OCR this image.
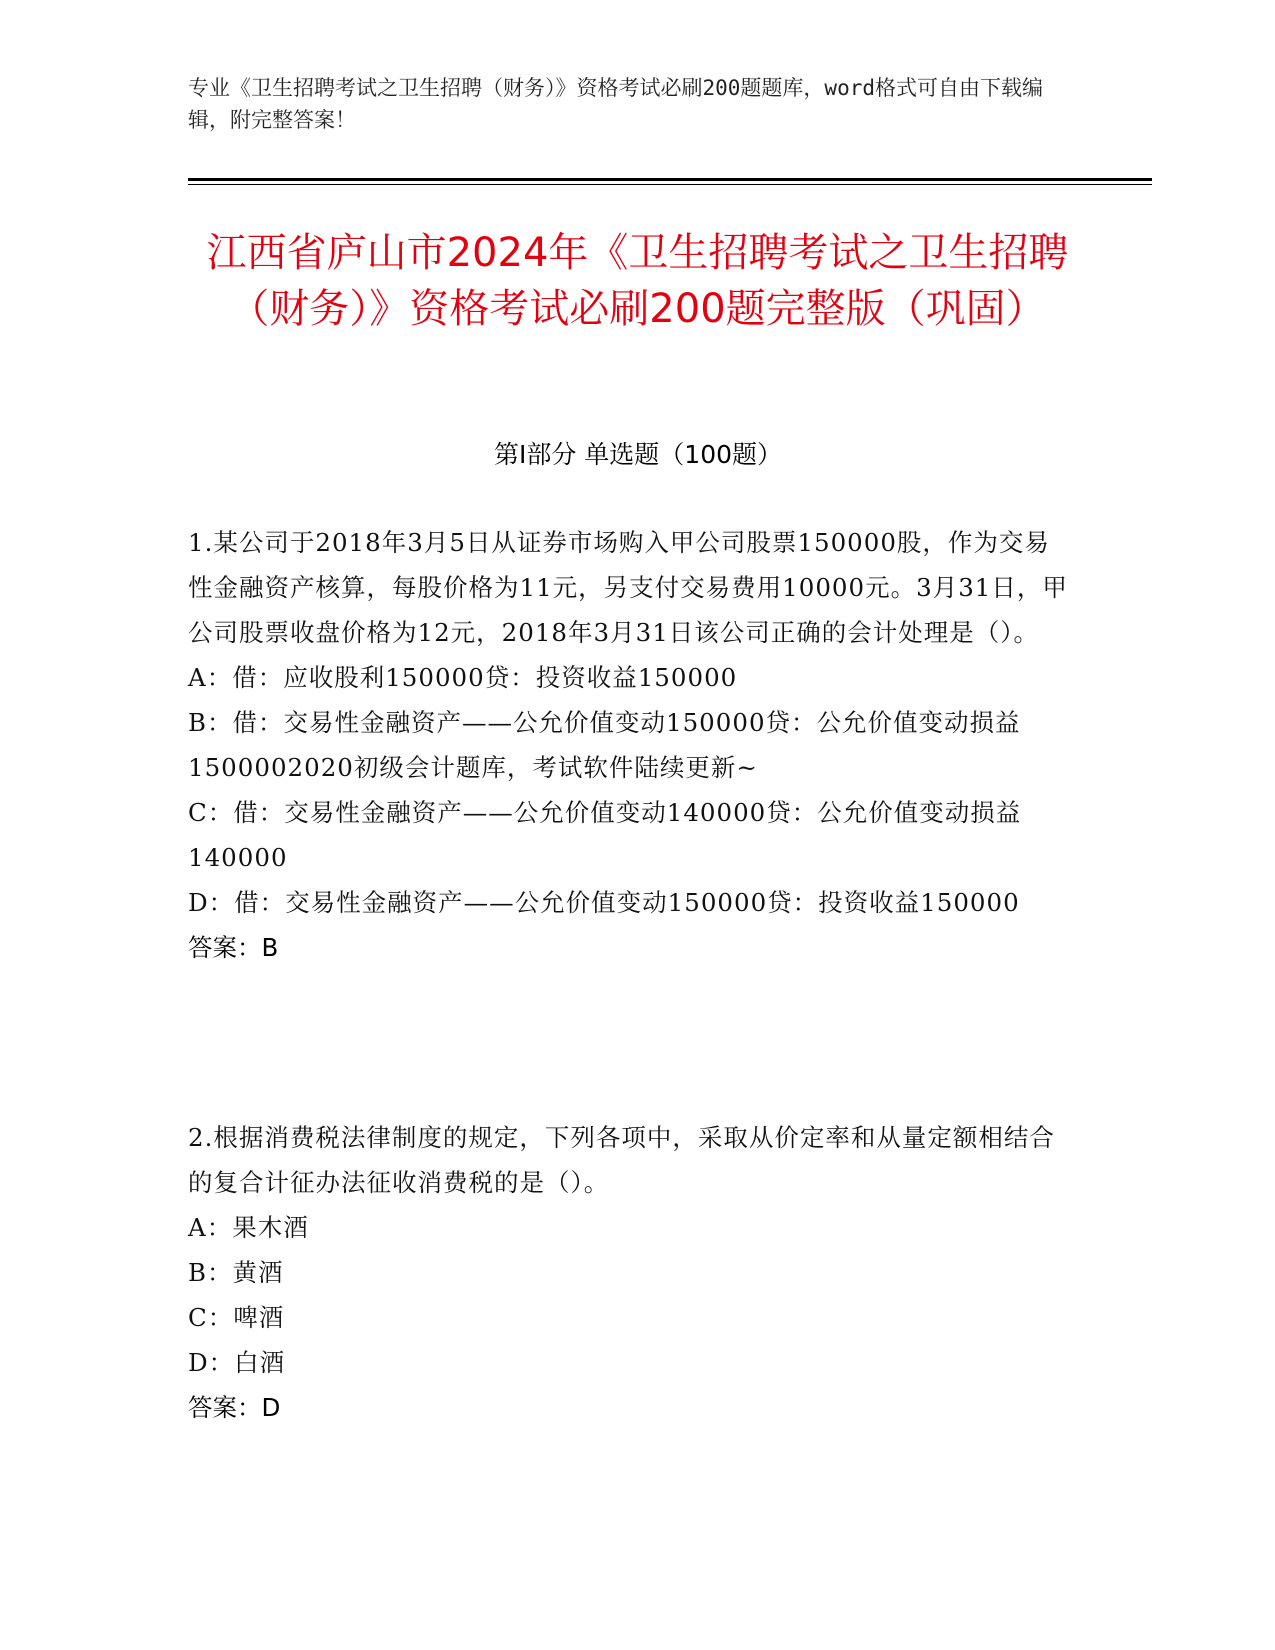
专业《卫生招聘考试之卫生招聘（财务）》资格考试必刷200题题库，word格式可自由下载编辑，附完整答案！
江西省庐山市2024年《卫生招聘考试之卫生招聘（财务）》资格考试必刷200题完整版（巩固）
第Ⅰ部分 单选题（100题）
1.某公司于2018年3月5日从证券市场购入甲公司股票150000股，作为交易性金融资产核算，每股价格为11元，另支付交易费用10000元。3月31日，甲公司股票收盘价格为12元，2018年3月31日该公司正确的会计处理是（）。
A：借：应收股利150000贷：投资收益150000
B：借：交易性金融资产——公允价值变动150000贷：公允价值变动损益1500002020初级会计题库，考试软件陆续更新~
C：借：交易性金融资产——公允价值变动140000贷：公允价值变动损益140000
D：借：交易性金融资产——公允价值变动150000贷：投资收益150000
答案：B
2.根据消费税法律制度的规定，下列各项中，采取从价定率和从量定额相结合的复合计征办法征收消费税的是（）。
A：果木酒
B：黄酒
C：啤酒
D：白酒
答案：D
